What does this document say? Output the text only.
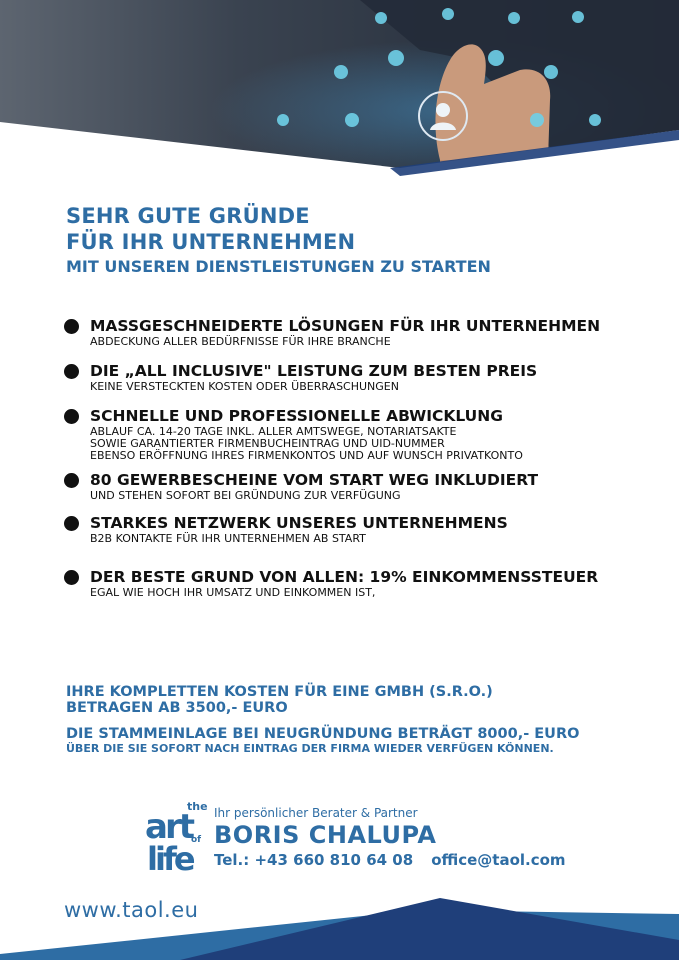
SEHR GUTE GRÜNDE
FÜR IHR UNTERNEHMEN
MIT UNSEREN DIENSTLEISTUNGEN ZU STARTEN
MASSGESCHNEIDERTE LÖSUNGEN FÜR IHR UNTERNEHMEN
ABDECKUNG ALLER BEDÜRFNISSE FÜR IHRE BRANCHE
DIE „ALL INCLUSIVE" LEISTUNG ZUM BESTEN PREIS
KEINE VERSTECKTEN KOSTEN ODER ÜBERRASCHUNGEN
SCHNELLE UND PROFESSIONELLE ABWICKLUNG
ABLAUF CA. 14-20 TAGE INKL. ALLER AMTSWEGE, NOTARIATSAKTE
SOWIE GARANTIERTER FIRMENBUCHEINTRAG UND UID-NUMMER
EBENSO ERÖFFNUNG IHRES FIRMENKONTOS UND AUF WUNSCH PRIVATKONTO
80 GEWERBESCHEINE VOM START WEG INKLUDIERT
UND STEHEN SOFORT BEI GRÜNDUNG ZUR VERFÜGUNG
STARKES NETZWERK UNSERES UNTERNEHMENS
B2B KONTAKTE FÜR IHR UNTERNEHMEN AB START
DER BESTE GRUND VON ALLEN: 19% EINKOMMENSSTEUER
EGAL WIE HOCH IHR UMSATZ UND EINKOMMEN IST,
IHRE KOMPLETTEN KOSTEN FÜR EINE GMBH (S.R.O.)
BETRAGEN AB 3500,- EURO
DIE STAMMEINLAGE BEI NEUGRÜNDUNG BETRÄGT 8000,- EURO
ÜBER DIE SIE SOFORT NACH EINTRAG DER FIRMA WIEDER VERFÜGEN KÖNNEN.
the
art of
life
Ihr persönlicher Berater & Partner
BORIS CHALUPA
Tel.: +43 660 810 64 08 office@taol.com
www.taol.eu
